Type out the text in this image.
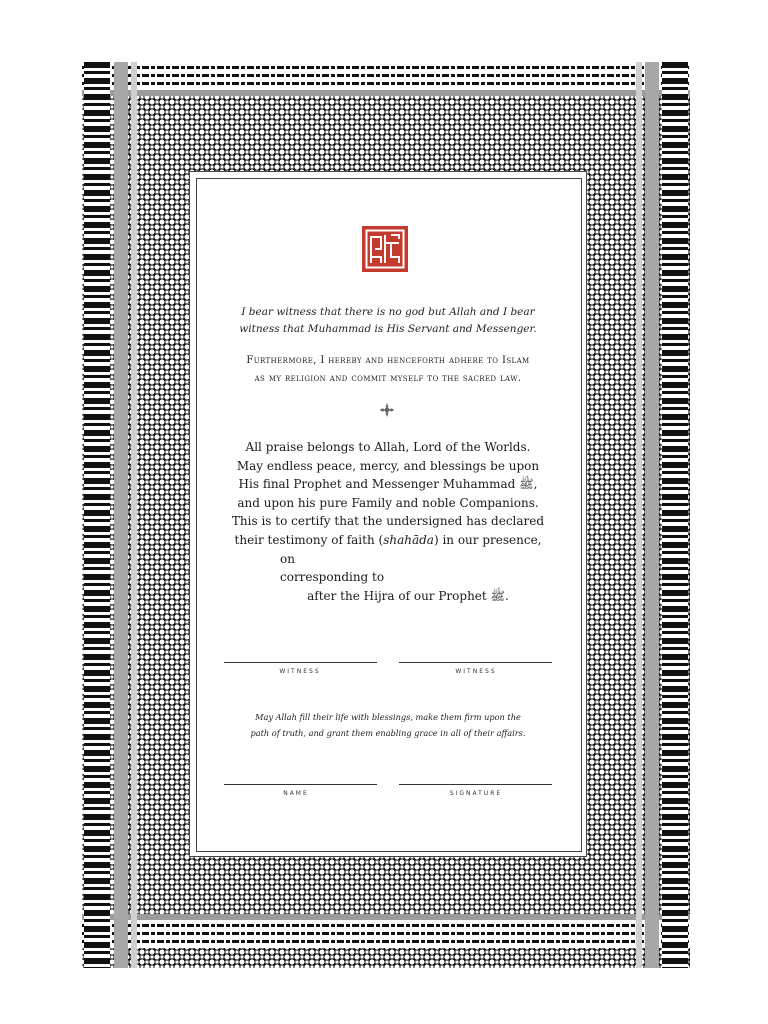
I bear witness that there is no god but Allah and I bear
witness that Muhammad is His Servant and Messenger.
Furthermore, I hereby and henceforth adhere to Islam
as my religion and commit myself to the sacred law.
All praise belongs to Allah, Lord of the Worlds.
May endless peace, mercy, and blessings be upon
His final Prophet and Messenger Muhammad ﷺ,
and upon his pure Family and noble Companions.
This is to certify that the undersigned has declared
their testimony of faith (shahāda) in our presence,
on
corresponding to
after the Hijra of our Prophet ﷺ.
WITNESS	WITNESS
May Allah fill their life with blessings, make them firm upon the
path of truth, and grant them enabling grace in all of their affairs.
NAME	SIGNATURE
